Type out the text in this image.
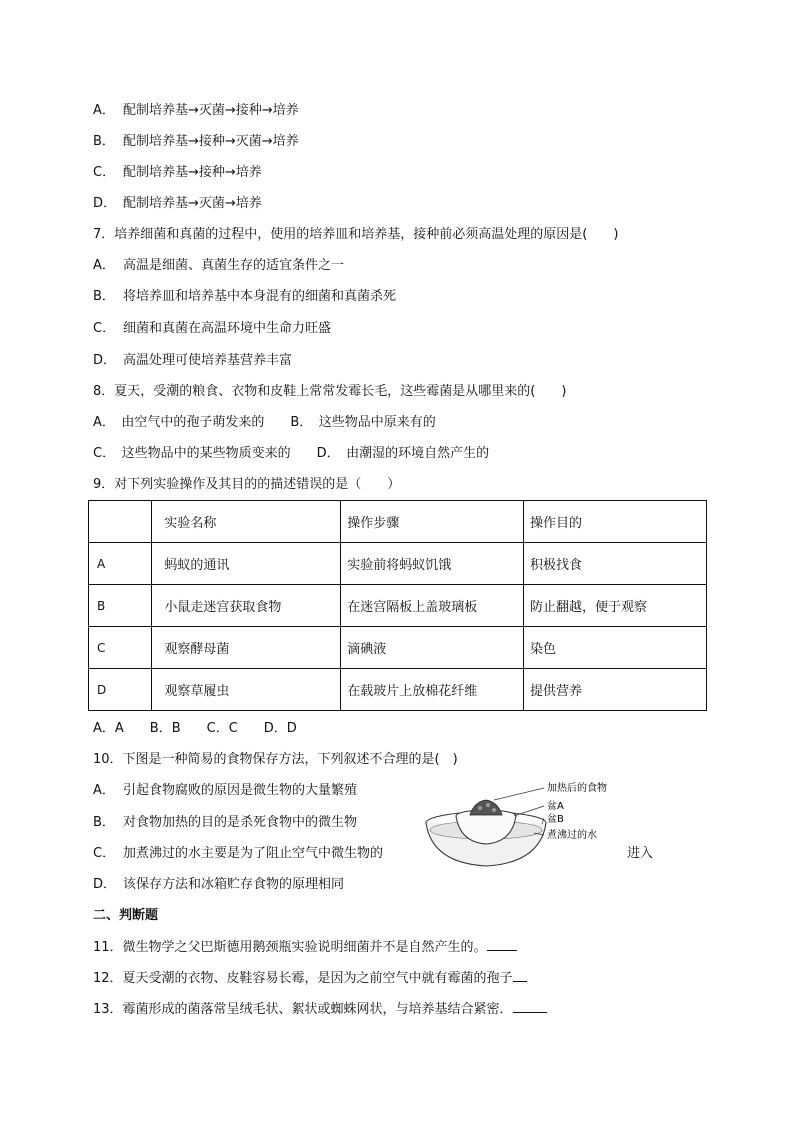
A． 配制培养基→灭菌→接种→培养
B． 配制培养基→接种→灭菌→培养
C． 配制培养基→接种→培养
D． 配制培养基→灭菌→培养
7．培养细菌和真菌的过程中，使用的培养皿和培养基，接种前必须高温处理的原因是(　　)
A． 高温是细菌、真菌生存的适宜条件之一
B． 将培养皿和培养基中本身混有的细菌和真菌杀死
C． 细菌和真菌在高温环境中生命力旺盛
D． 高温处理可使培养基营养丰富
8．夏天，受潮的粮食、衣物和皮鞋上常常发霉长毛，这些霉菌是从哪里来的(　　)
A．　由空气中的孢子萌发来的　　B．　这些物品中原来有的
C．　这些物品中的某些物质变来的　　D．　由潮湿的环境自然产生的
9．对下列实验操作及其目的的描述错误的是（　　）
	实验名称	操作步骤	操作目的
A	蚂蚁的通讯	实验前将蚂蚁饥饿	积极找食
B	小鼠走迷宫获取食物	在迷宫隔板上盖玻璃板	防止翻越，便于观察
C	观察酵母菌	滴碘液	染色
D	观察草履虫	在载玻片上放棉花纤维	提供营养
A．A　　B．B　　C．C　　D．D
10．下图是一种简易的食物保存方法，下列叙述不合理的是(　)
A． 引起食物腐败的原因是微生物的大量繁殖
B． 对食物加热的目的是杀死食物中的微生物
C． 加煮沸过的水主要是为了阻止空气中微生物的	进入
D． 该保存方法和冰箱贮存食物的原理相同
加热后的食物
盆A
盆B
煮沸过的水
二、判断题
11．微生物学之父巴斯德用鹅颈瓶实验说明细菌并不是自然产生的。
12．夏天受潮的衣物、皮鞋容易长霉，是因为之前空气中就有霉菌的孢子
13．霉菌形成的菌落常呈绒毛状、絮状或蜘蛛网状，与培养基结合紧密．
